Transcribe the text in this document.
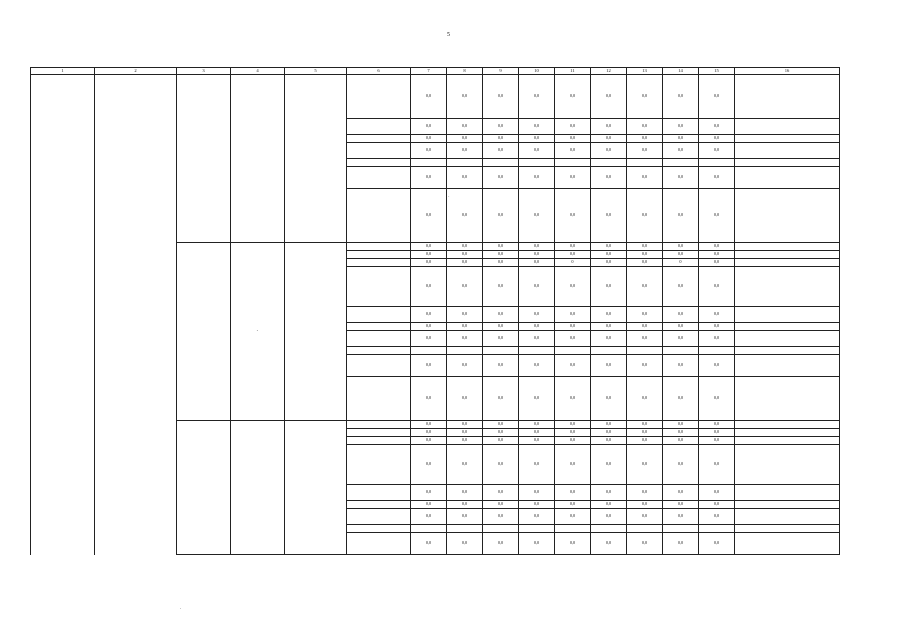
5
1	2	3	4	5	6	7	8	9	10	11	12	13	14	15	16
						0,0	0,0	0,0	0,0	0,0	0,0	0,0	0,0	0,0	
						0,0	0,0	0,0	0,0	0,0	0,0	0,0	0,0	0,0	
						0,0	0,0	0,0	0,0	0,0	0,0	0,0	0,0	0,0	
						0,0	0,0	0,0	0,0	0,0	0,0	0,0	0,0	0,0	

						0,0	0,0	0,0	0,0	0,0	0,0	0,0	0,0	0,0	
						0,0	0,0	0,0	0,0	0,0	0,0	0,0	0,0	0,0	
			-			0,0	0,0	0,0	0,0	0,0	0,0	0,0	0,0	0,0	
						0,0	0,0	0,0	0,0	0,0	0,0	0,0	0,0	0,0	
						0,0	0,0	0,0	0,0	0	0,0	0,0	0	0,0	
						0,0	0,0	0,0	0,0	0,0	0,0	0,0	0,0	0,0	
						0,0	0,0	0,0	0,0	0,0	0,0	0,0	0,0	0,0	
						0,0	0,0	0,0	0,0	0,0	0,0	0,0	0,0	0,0	
						0,0	0,0	0,0	0,0	0,0	0,0	0,0	0,0	0,0	

						0,0	0,0	0,0	0,0	0,0	0,0	0,0	0,0	0,0	
						0,0	0,0	0,0	0,0	0,0	0,0	0,0	0,0	0,0	
						0,0	0,0	0,0	0,0	0,0	0,0	0,0	0,0	0,0	
						0,0	0,0	0,0	0,0	0,0	0,0	0,0	0,0	0,0	
						0,0	0,0	0,0	0,0	0,0	0,0	0,0	0,0	0,0	
						0,0	0,0	0,0	0,0	0,0	0,0	0,0	0,0	0,0	
						0,0	0,0	0,0	0,0	0,0	0,0	0,0	0,0	0,0	
						0,0	0,0	0,0	0,0	0,0	0,0	0,0	0,0	0,0	
						0,0	0,0	0,0	0,0	0,0	0,0	0,0	0,0	0,0	

						0,0	0,0	0,0	0,0	0,0	0,0	0,0	0,0	0,0	
·
.
